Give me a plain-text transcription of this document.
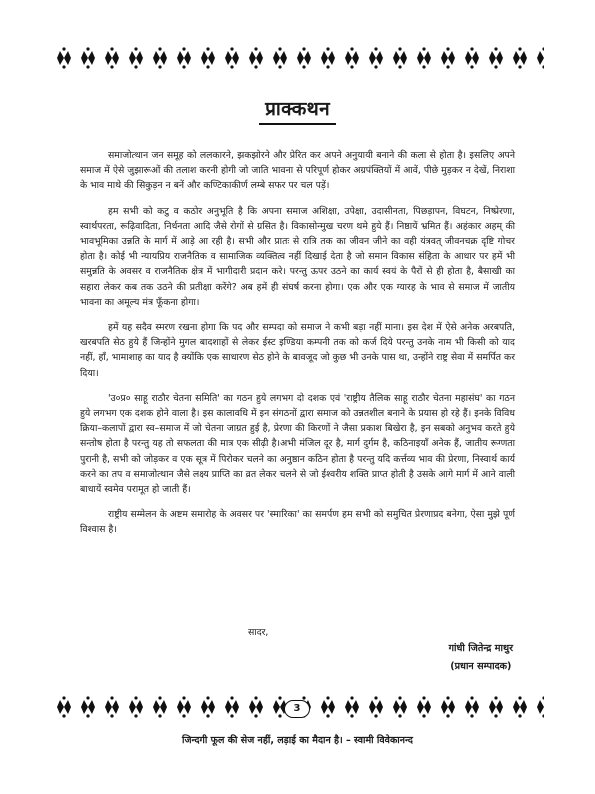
प्राक्कथन

समाजोत्थान जन समूह को ललकारने, झकझोरने और प्रेरित कर अपने अनुयायी बनाने की कला से होता है। इसलिए अपने समाज में ऐसे जुझारूओं की तलाश करनी होगी जो जाति भावना से परिपूर्ण होकर अग्रपंक्तियों में आवें, पीछे मुड़कर न देखें, निराशा के भाव माथे की सिकुड़न न बनें और कण्टिकाकीर्ण लम्बे सफर पर चल पड़ें।

हम सभी को कटु व कठोर अनुभूति है कि अपना समाज अशिक्षा, उपेक्षा, उदासीनता, पिछड़ापन, विघटन, निष्प्रेरणा, स्वार्थपरता, रूढ़िवादिता, निर्धनता आदि जैसे रोगों से ग्रसित है। विकासोन्मुख चरण थमे हुये हैं। निष्ठायें भ्रमित हैं। अहंकार अहम् की भावभूमिका उन्नति के मार्ग में आड़े आ रही है। सभी और प्रातः से रात्रि तक का जीवन जीने का वही यंत्रवत् जीवनचक्र दृष्टि गोचर होता है। कोई भी न्यायप्रिय राजनैतिक व सामाजिक व्यक्तित्व नहीं दिखाई देता है जो समान विकास संहिता के आधार पर हमें भी समुन्नति के अवसर व राजनैतिक क्षेत्र में भागीदारी प्रदान करे। परन्तु ऊपर उठने का कार्य स्वयं के पैरों से ही होता है, बैसाखी का सहारा लेकर कब तक उठने की प्रतीक्षा करेंगे? अब हमें ही संघर्ष करना होगा। एक और एक ग्यारह के भाव से समाज में जातीय भावना का अमूल्य मंत्र फूँकना होगा।

हमें यह सदैव स्मरण रखना होगा कि पद और सम्पदा को समाज ने कभी बड़ा नहीं माना। इस देश में ऐसे अनेक अरबपति, खरबपति सेठ हुये हैं जिन्होंने मुगल बादशाहों से लेकर ईस्ट इण्डिया कम्पनी तक को कर्ज दिये परन्तु उनके नाम भी किसी को याद नहीं, हाँ, भामाशाह का याद है क्योंकि एक साधारण सेठ होने के बावजूद जो कुछ भी उनके पास था, उन्होंने राष्ट्र सेवा में समर्पित कर दिया।

'उ०प्र० साहू राठौर चेतना समिति' का गठन हुये लगभग दो दशक एवं 'राष्ट्रीय तैलिक साहू राठौर चेतना महासंघ' का गठन हुये लगभग एक दशक होने वाला है। इस कालावधि में इन संगठनों द्वारा समाज को उन्नतशील बनाने के प्रयास हो रहे हैं। इनके विविध क्रिया–कलापों द्वारा स्व–समाज में जो चेतना जाग्रत हुई है, प्रेरणा की किरणों ने जैसा प्रकाश बिखेरा है, इन सबको अनुभव करते हुये सन्तोष होता है परन्तु यह तो सफलता की मात्र एक सीढ़ी है।अभी मंजिल दूर है, मार्ग दुर्गम है, कठिनाइयाँ अनेक हैं, जातीय रूग्णता पुरानी है, सभी को जोड़कर व एक सूत्र में पिरोकर चलने का अनुष्ठान कठिन होता है परन्तु यदि कर्त्तव्य भाव की प्रेरणा, निस्वार्थ कार्य करने का तप व समाजोत्थान जैसे लक्ष्य प्राप्ति का व्रत लेकर चलने से जो ईश्वरीय शक्ति प्राप्त होती है उसके आगे मार्ग में आने वाली बाधायें स्वमेव परामूत हो जाती हैं।

राष्ट्रीय सम्मेलन के अष्टम समारोह के अवसर पर 'स्मारिका' का समर्पण हम सभी को समुचित प्रेरणाप्रद बनेगा, ऐसा मुझे पूर्ण विश्वास है।

सादर,
गांधी जितेन्द्र माथुर
(प्रधान सम्पादक)
3
जिन्दगी फूल की सेज नहीं, लड़ाई का मैदान है। – स्वामी विवेकानन्द
